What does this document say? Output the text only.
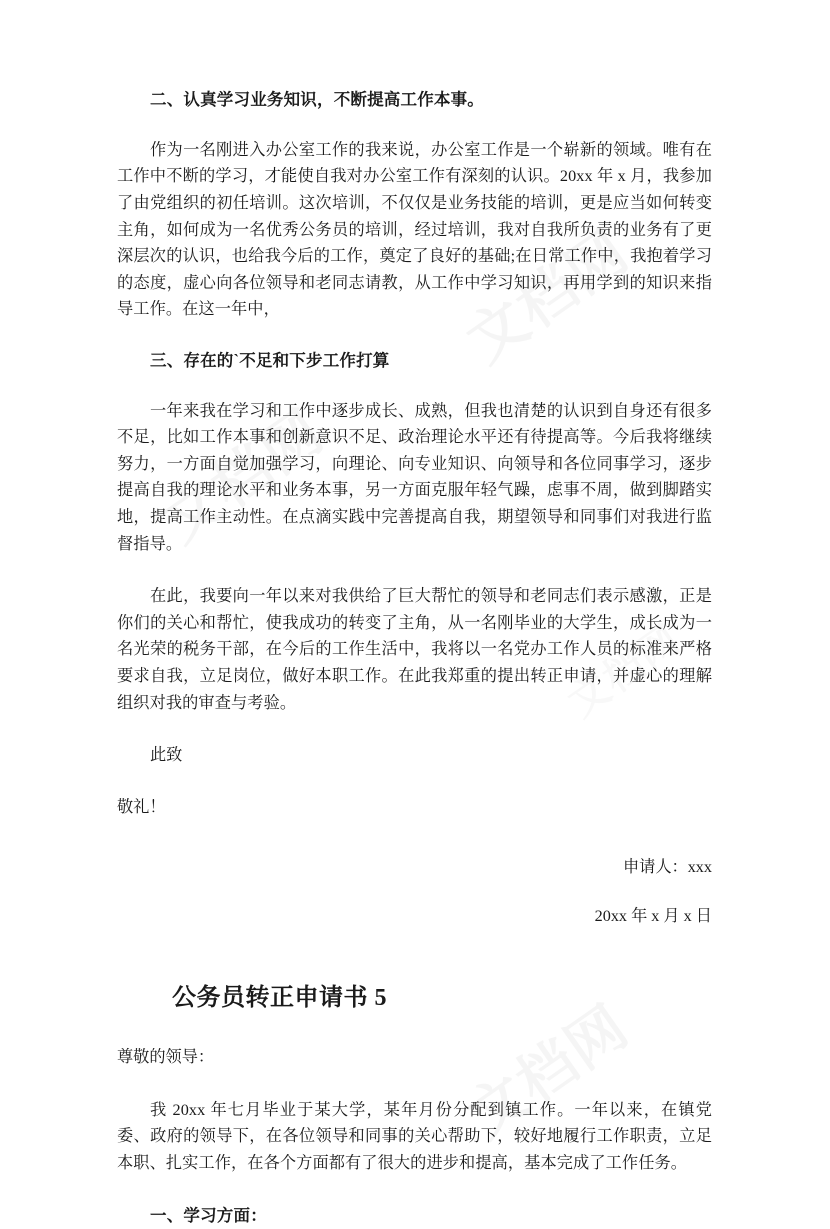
二、认真学习业务知识，不断提高工作本事。

作为一名刚进入办公室工作的我来说，办公室工作是一个崭新的领域。唯有在工作中不断的学习，才能使自我对办公室工作有深刻的认识。20xx 年 x 月，我参加了由党组织的初任培训。这次培训，不仅仅是业务技能的培训，更是应当如何转变主角，如何成为一名优秀公务员的培训，经过培训，我对自我所负责的业务有了更深层次的认识，也给我今后的工作，奠定了良好的基础;在日常工作中，我抱着学习的态度，虚心向各位领导和老同志请教，从工作中学习知识，再用学到的知识来指导工作。在这一年中，

三、存在的`不足和下步工作打算

一年来我在学习和工作中逐步成长、成熟，但我也清楚的认识到自身还有很多不足，比如工作本事和创新意识不足、政治理论水平还有待提高等。今后我将继续努力，一方面自觉加强学习，向理论、向专业知识、向领导和各位同事学习，逐步提高自我的理论水平和业务本事，另一方面克服年轻气躁，虑事不周，做到脚踏实地，提高工作主动性。在点滴实践中完善提高自我，期望领导和同事们对我进行监督指导。

在此，我要向一年以来对我供给了巨大帮忙的领导和老同志们表示感激，正是你们的关心和帮忙，使我成功的转变了主角，从一名刚毕业的大学生，成长成为一名光荣的税务干部，在今后的工作生活中，我将以一名党办工作人员的标准来严格要求自我，立足岗位，做好本职工作。在此我郑重的提出转正申请，并虚心的理解组织对我的审查与考验。

此致

敬礼！

申请人：xxx

20xx 年 x 月 x 日

公务员转正申请书 5

尊敬的领导：

我 20xx 年七月毕业于某大学，某年月份分配到镇工作。一年以来，在镇党委、政府的领导下，在各位领导和同事的关心帮助下，较好地履行工作职责，立足本职、扎实工作，在各个方面都有了很大的进步和提高，基本完成了工作任务。

一、学习方面：
